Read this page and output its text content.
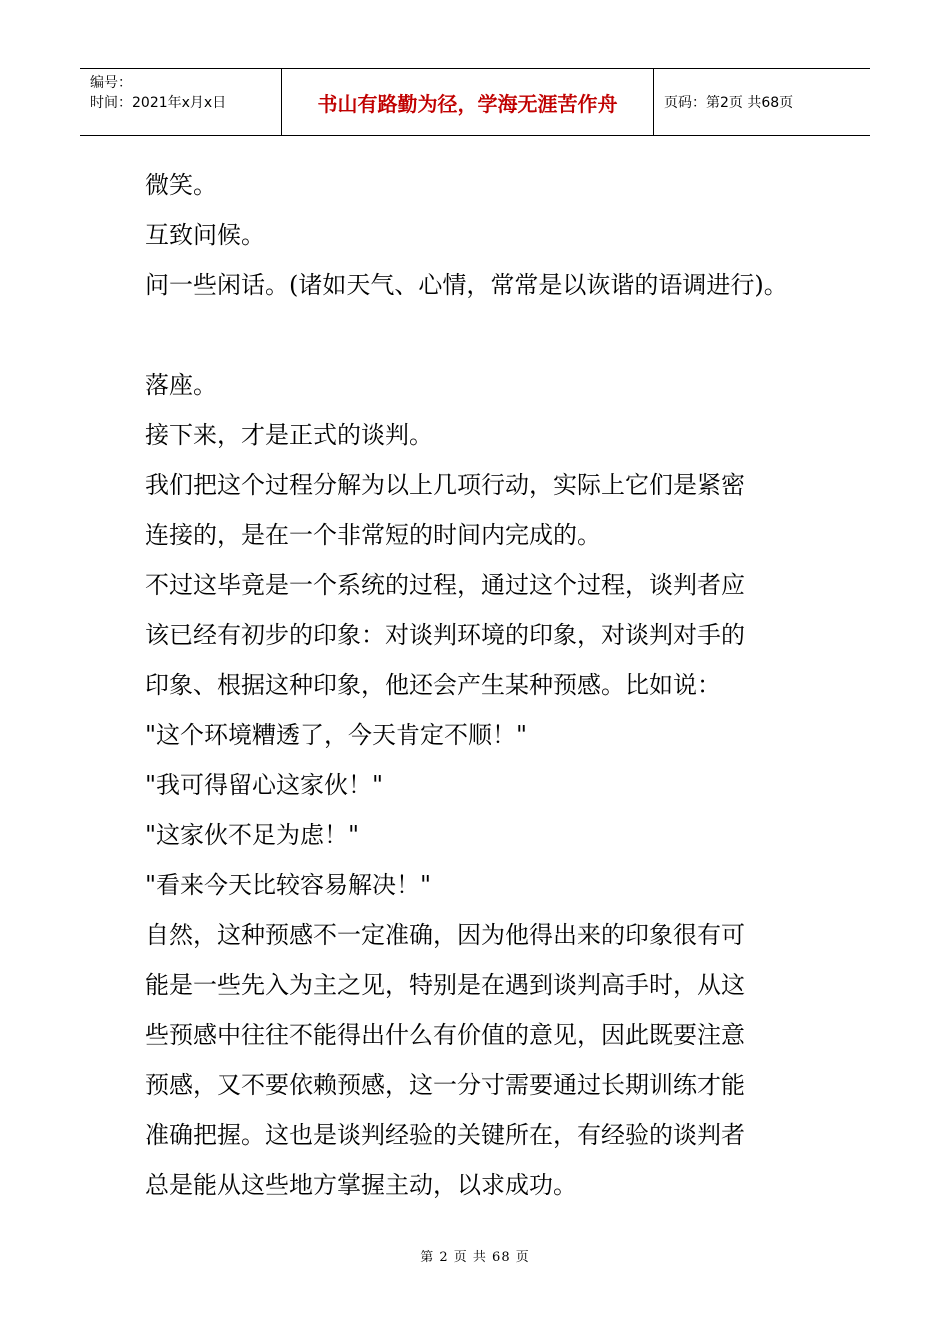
编号：
时间：2021年x月x日	书山有路勤为径，学海无涯苦作舟	页码：第2页 共68页
微笑。
互致问候。
问一些闲话。(诸如天气、心情，常常是以诙谐的语调进行)。
落座。
接下来，才是正式的谈判。
我们把这个过程分解为以上几项行动，实际上它们是紧密
连接的，是在一个非常短的时间内完成的。
不过这毕竟是一个系统的过程，通过这个过程，谈判者应
该已经有初步的印象：对谈判环境的印象，对谈判对手的
印象、根据这种印象，他还会产生某种预感。比如说：
"这个环境糟透了，今天肯定不顺！"
"我可得留心这家伙！"
"这家伙不足为虑！"
"看来今天比较容易解决！"
自然，这种预感不一定准确，因为他得出来的印象很有可
能是一些先入为主之见，特别是在遇到谈判高手时，从这
些预感中往往不能得出什么有价值的意见，因此既要注意
预感，又不要依赖预感，这一分寸需要通过长期训练才能
准确把握。这也是谈判经验的关键所在，有经验的谈判者
总是能从这些地方掌握主动，以求成功。
第 2 页 共 68 页
